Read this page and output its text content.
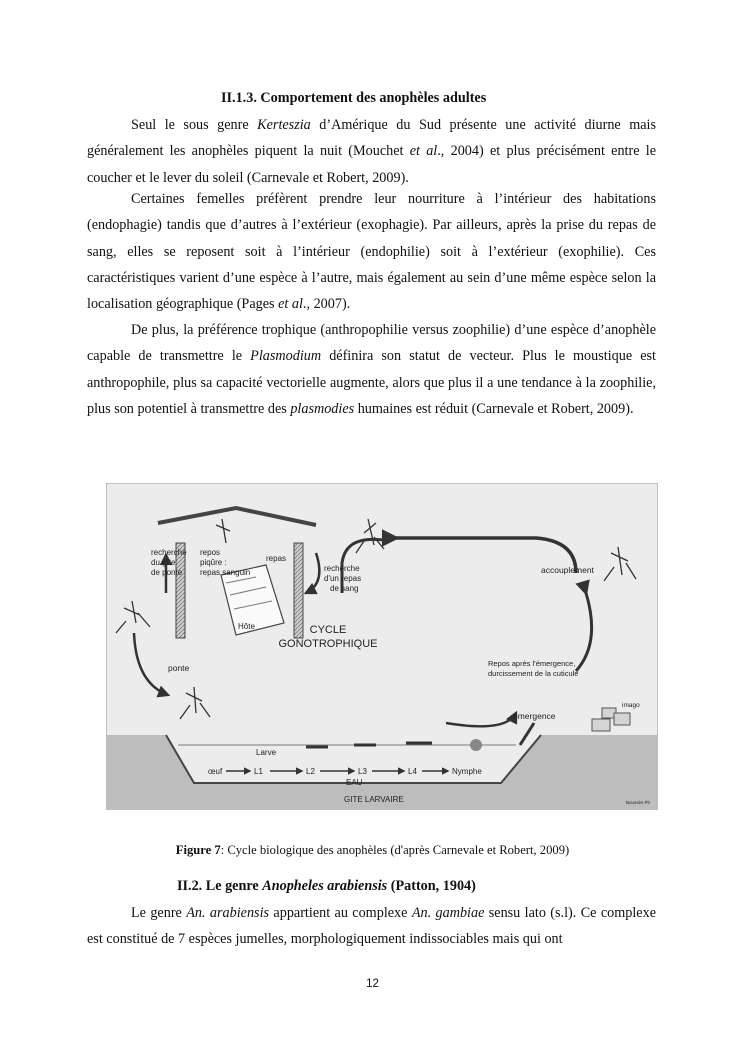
II.1.3. Comportement des anophèles adultes

Seul le sous genre Kerteszia d’Amérique du Sud présente une activité diurne mais généralement les anophèles piquent la nuit (Mouchet et al., 2004) et plus précisément entre le coucher et le lever du soleil (Carnevale et Robert, 2009).

Certaines femelles préfèrent prendre leur nourriture à l’intérieur des habitations (endophagie) tandis que d’autres à l’extérieur (exophagie). Par ailleurs, après la prise du repas de sang, elles se reposent soit à l’intérieur (endophilie) soit à l’extérieur (exophilie). Ces caractéristiques varient d’une espèce à l’autre, mais également au sein d’une même espèce selon la localisation géographique (Pages et al., 2007).

De plus, la préférence trophique (anthropophilie versus zoophilie) d’une espèce d’anophèle capable de transmettre le Plasmodium définira son statut de vecteur. Plus le moustique est anthropophile, plus sa capacité vectorielle augmente, alors que plus il a une tendance à la zoophilie, plus son potentiel à transmettre des plasmodies humaines est réduit (Carnevale et Robert, 2009).

recherche
du gîte
de ponte
repos
piqûre :
repas sanguin
repas
Hôte
recherche
d'un repas
de sang
accouplement
CYCLE
GONOTROPHIQUE
ponte	Repos après l'émergence,
durcissement de la cuticule
émergence
imago
Larve
œuf	L1	L2	L3	L4	Nymphe
EAU
GITE LARVAIRE	Boussès Ph
Figure 7: Cycle biologique des anophèles (d'après Carnevale et Robert, 2009)
II.2. Le genre Anopheles arabiensis (Patton, 1904)

Le genre An. arabiensis appartient au complexe An. gambiae sensu lato (s.l). Ce complexe est constitué de 7 espèces jumelles, morphologiquement indissociables mais qui ont

12
